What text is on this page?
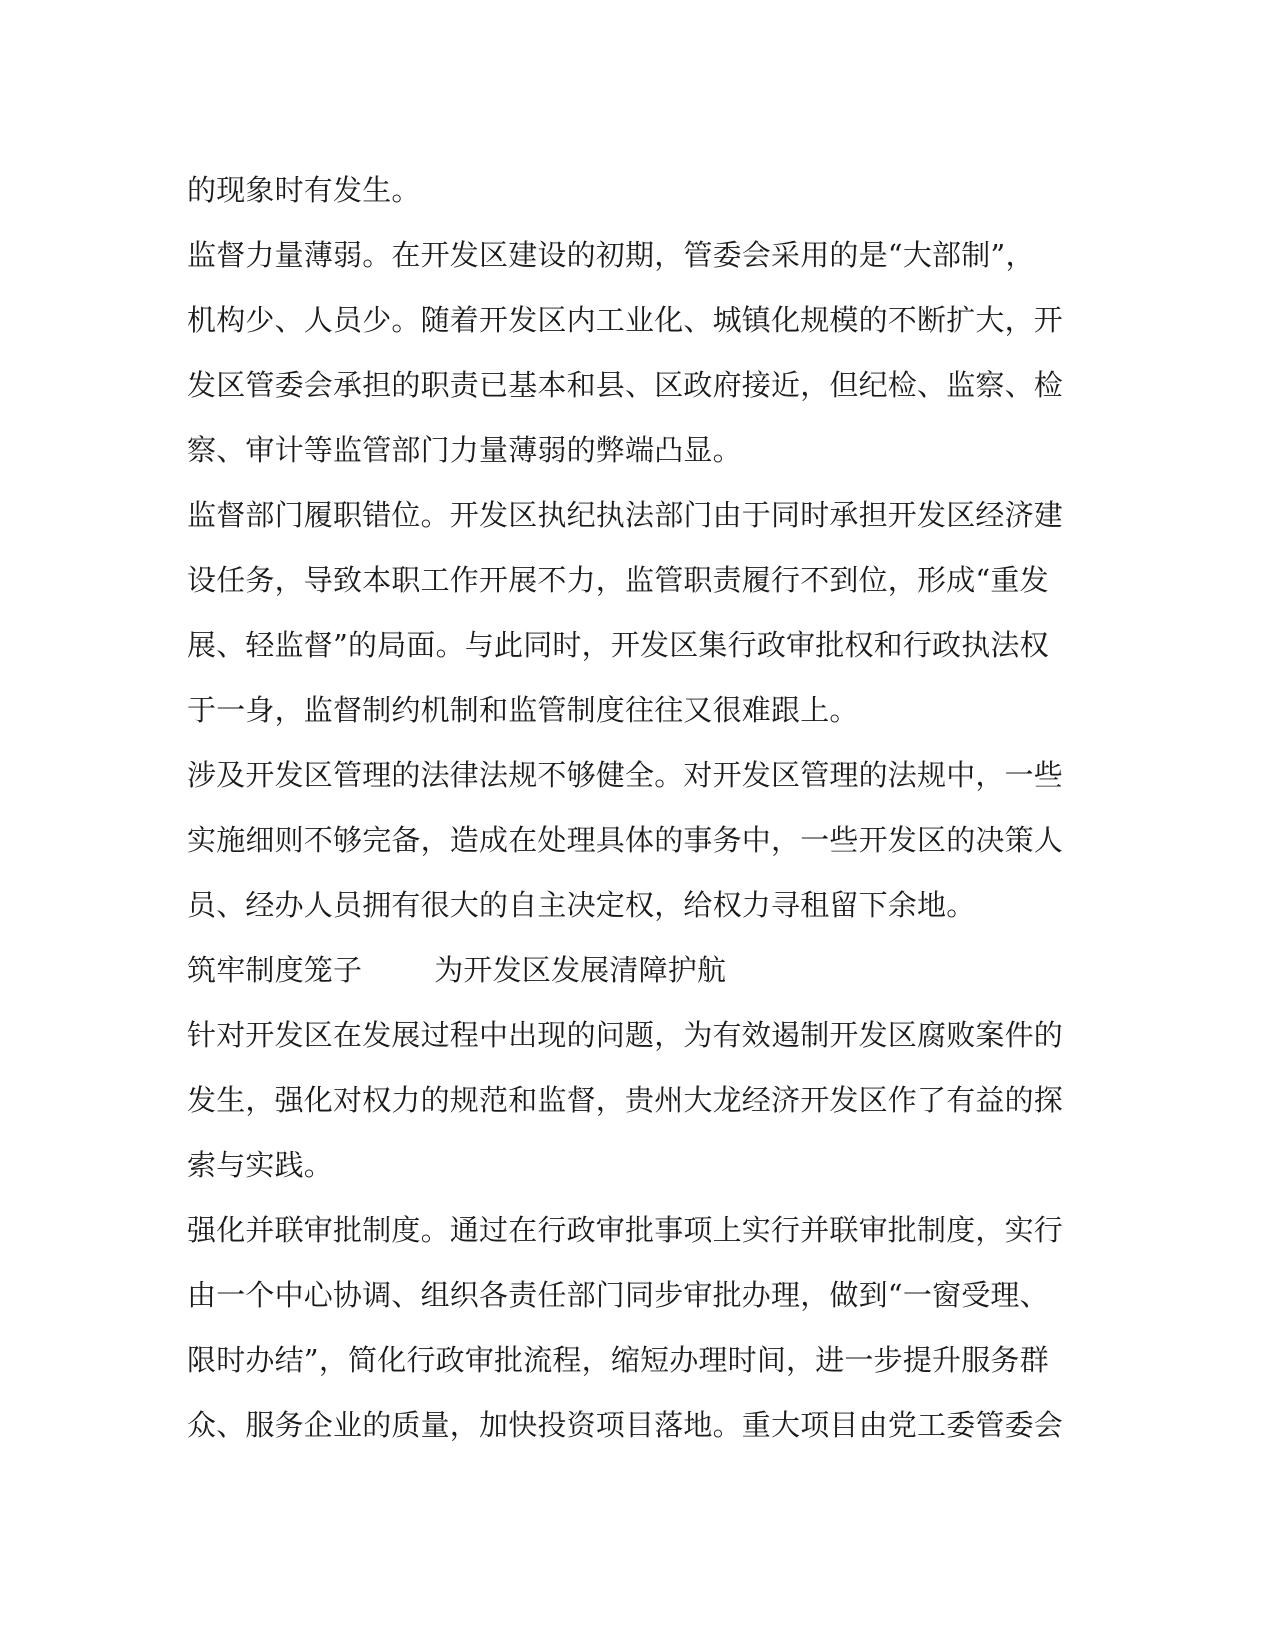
的现象时有发生。
监督力量薄弱。在开发区建设的初期，管委会采用的是“大部制”，
机构少、人员少。随着开发区内工业化、城镇化规模的不断扩大，开
发区管委会承担的职责已基本和县、区政府接近，但纪检、监察、检
察、审计等监管部门力量薄弱的弊端凸显。
监督部门履职错位。开发区执纪执法部门由于同时承担开发区经济建
设任务，导致本职工作开展不力，监管职责履行不到位，形成“重发
展、轻监督”的局面。与此同时，开发区集行政审批权和行政执法权
于一身，监督制约机制和监管制度往往又很难跟上。
涉及开发区管理的法律法规不够健全。对开发区管理的法规中，一些
实施细则不够完备，造成在处理具体的事务中，一些开发区的决策人
员、经办人员拥有很大的自主决定权，给权力寻租留下余地。
筑牢制度笼子 为开发区发展清障护航
针对开发区在发展过程中出现的问题，为有效遏制开发区腐败案件的
发生，强化对权力的规范和监督，贵州大龙经济开发区作了有益的探
索与实践。
强化并联审批制度。通过在行政审批事项上实行并联审批制度，实行
由一个中心协调、组织各责任部门同步审批办理，做到“一窗受理、
限时办结”，简化行政审批流程，缩短办理时间，进一步提升服务群
众、服务企业的质量，加快投资项目落地。重大项目由党工委管委会
